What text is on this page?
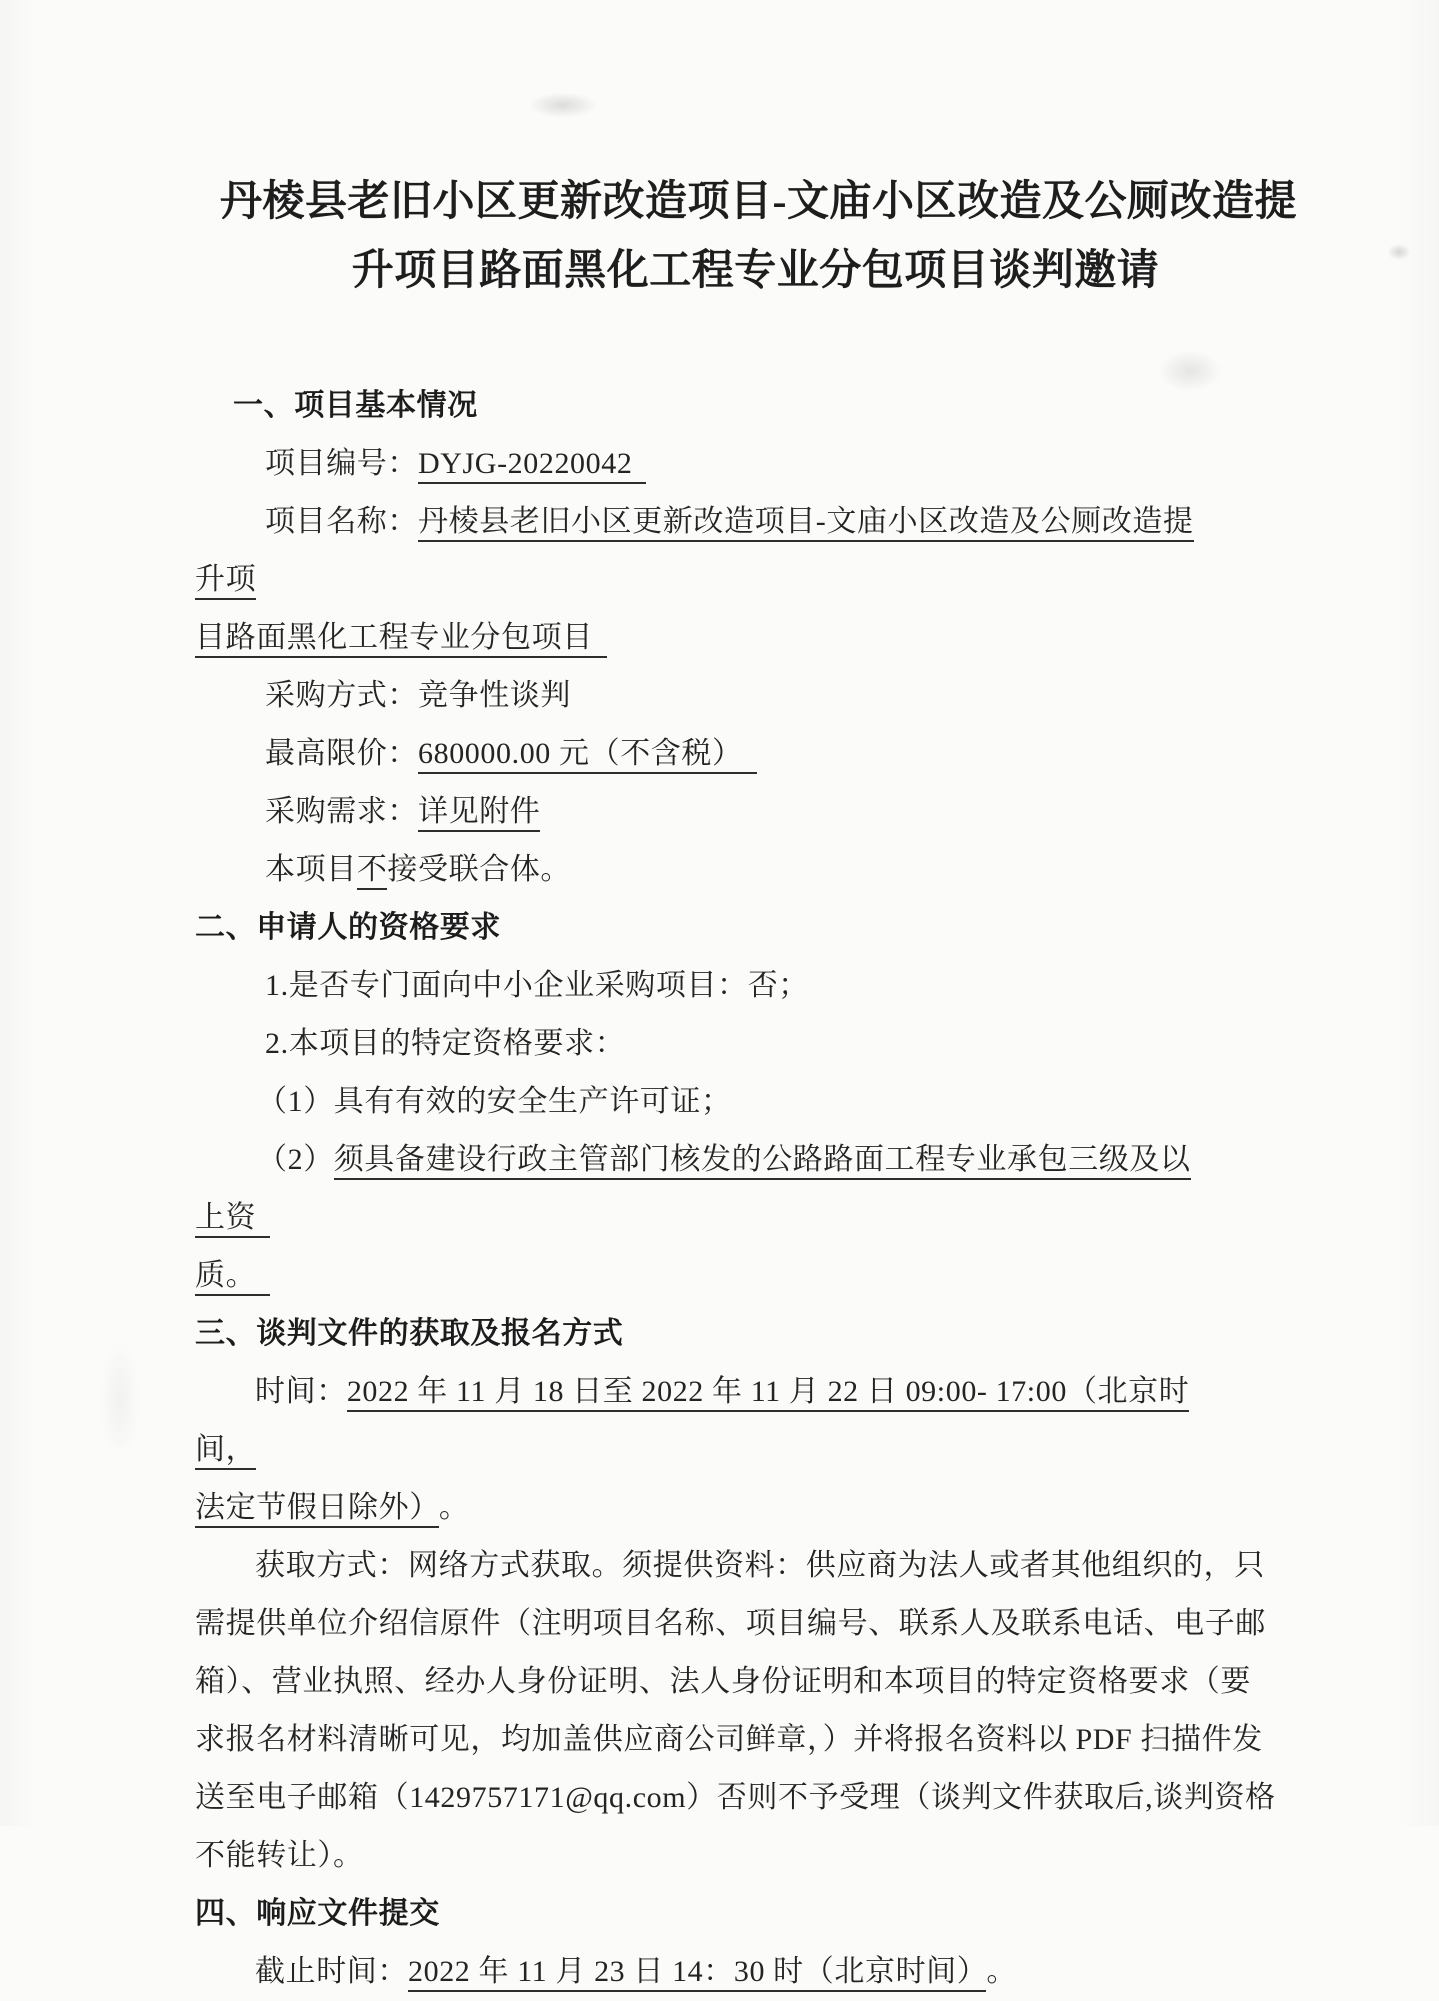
丹棱县老旧小区更新改造项目-文庙小区改造及公厕改造提
升项目路面黑化工程专业分包项目谈判邀请

一、项目基本情况

项目编号：DYJG-20220042

项目名称：丹棱县老旧小区更新改造项目-文庙小区改造及公厕改造提升项
目路面黑化工程专业分包项目

采购方式：竞争性谈判

最高限价：680000.00 元（不含税）

采购需求：详见附件

本项目不接受联合体。

二、申请人的资格要求

1.是否专门面向中小企业采购项目：否；

2.本项目的特定资格要求：

（1）具有有效的安全生产许可证；

（2）须具备建设行政主管部门核发的公路路面工程专业承包三级及以上资
质。

三、谈判文件的获取及报名方式

时间：2022 年 11 月 18 日至 2022 年 11 月 22 日 09:00- 17:00（北京时间，
法定节假日除外） 。

获取方式：网络方式获取。须提供资料：供应商为法人或者其他组织的，只

需提供单位介绍信原件（注明项目名称、项目编号、联系人及联系电话、电子邮

箱）、营业执照、经办人身份证明、法人身份证明和本项目的特定资格要求（要

求报名材料清晰可见，均加盖供应商公司鲜章，）并将报名资料以 PDF 扫描件发

送至电子邮箱（1429757171@qq.com）否则不予受理（谈判文件获取后,谈判资格

不能转让）。

四、响应文件提交

截止时间：2022 年 11 月 23 日 14：30 时（北京时间） 。
